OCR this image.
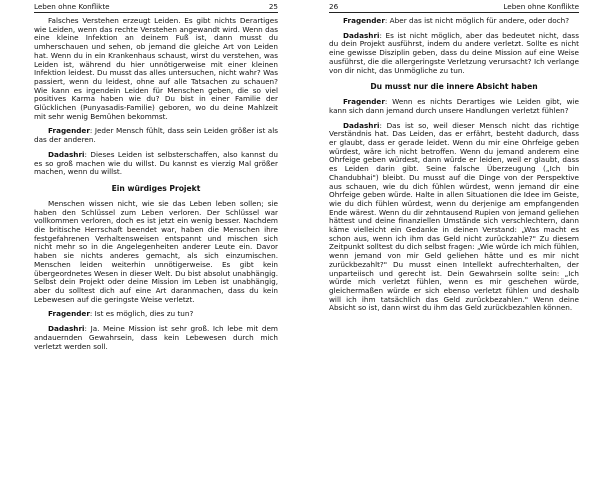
Leben ohne Konflikte	25

Falsches Verstehen erzeugt Leiden. Es gibt nichts Derartiges wie Leiden, wenn das rechte Verstehen angewandt wird. Wenn das eine kleine Infektion an deinem Fuß ist, dann musst du umherschauen und sehen, ob jemand die gleiche Art von Leiden hat. Wenn du in ein Krankenhaus schaust, wirst du verstehen, was Leiden ist, während du hier unnötigerweise mit einer kleinen Infektion leidest. Du musst das alles untersuchen, nicht wahr? Was passiert, wenn du leidest, ohne auf alle Tatsachen zu schauen? Wie kann es irgendein Leiden für Menschen geben, die so viel positives Karma haben wie du? Du bist in einer Familie der Glücklichen (Punyasadis-Familie) geboren, wo du deine Mahlzeit mit sehr wenig Bemühen bekommst.

Fragender: Jeder Mensch fühlt, dass sein Leiden größer ist als das der anderen.

Dadashri: Dieses Leiden ist selbsterschaffen, also kannst du es so groß machen wie du willst. Du kannst es vierzig Mal größer machen, wenn du willst.

Ein würdiges Projekt

Menschen wissen nicht, wie sie das Leben leben sollen; sie haben den Schlüssel zum Leben verloren. Der Schlüssel war vollkommen verloren, doch es ist jetzt ein wenig besser. Nachdem die britische Herrschaft beendet war, haben die Menschen ihre festgefahrenen Verhaltensweisen entspannt und mischen sich nicht mehr so in die Angelegenheiten anderer Leute ein. Davor haben sie nichts anderes gemacht, als sich einzumischen. Menschen leiden weiterhin unnötigerweise. Es gibt kein übergeordnetes Wesen in dieser Welt. Du bist absolut unabhängig. Selbst dein Projekt oder deine Mission im Leben ist unabhängig, aber du solltest dich auf eine Art daranmachen, dass du kein Lebewesen auf die geringste Weise verletzt.

Fragender: Ist es möglich, dies zu tun?

Dadashri: Ja. Meine Mission ist sehr groß. Ich lebe mit dem andauernden Gewahrsein, dass kein Lebewesen durch mich verletzt werden soll.

26	Leben ohne Konflikte

Fragender: Aber das ist nicht möglich für andere, oder doch?

Dadashri: Es ist nicht möglich, aber das bedeutet nicht, dass du dein Projekt ausführst, indem du andere verletzt. Sollte es nicht eine gewisse Disziplin geben, dass du deine Mission auf eine Weise ausführst, die die allergeringste Verletzung verursacht? Ich verlange von dir nicht, das Unmögliche zu tun.

Du musst nur die innere Absicht haben

Fragender: Wenn es nichts Derartiges wie Leiden gibt, wie kann sich dann jemand durch unsere Handlungen verletzt fühlen?

Dadashri: Das ist so, weil dieser Mensch nicht das richtige Verständnis hat. Das Leiden, das er erfährt, besteht dadurch, dass er glaubt, dass er gerade leidet. Wenn du mir eine Ohrfeige geben würdest, wäre ich nicht betroffen. Wenn du jemand anderem eine Ohrfeige geben würdest, dann würde er leiden, weil er glaubt, dass es Leiden darin gibt. Seine falsche Überzeugung („Ich bin Chandubhai") bleibt. Du musst auf die Dinge von der Perspektive aus schauen, wie du dich fühlen würdest, wenn jemand dir eine Ohrfeige geben würde. Halte in allen Situationen die Idee im Geiste, wie du dich fühlen würdest, wenn du derjenige am empfangenden Ende wärest. Wenn du dir zehntausend Rupien von jemand geliehen hättest und deine finanziellen Umstände sich verschlechtern, dann käme vielleicht ein Gedanke in deinen Verstand: „Was macht es schon aus, wenn ich ihm das Geld nicht zurückzahle?" Zu diesem Zeitpunkt solltest du dich selbst fragen: „Wie würde ich mich fühlen, wenn jemand von mir Geld geliehen hätte und es mir nicht zurückbezahlt?" Du musst einen Intellekt aufrechterhalten, der unparteiisch und gerecht ist. Dein Gewahrsein sollte sein: „Ich würde mich verletzt fühlen, wenn es mir geschehen würde, gleichermaßen würde er sich ebenso verletzt fühlen und deshalb will ich ihm tatsächlich das Geld zurückbezahlen." Wenn deine Absicht so ist, dann wirst du ihm das Geld zurückbezahlen können.
